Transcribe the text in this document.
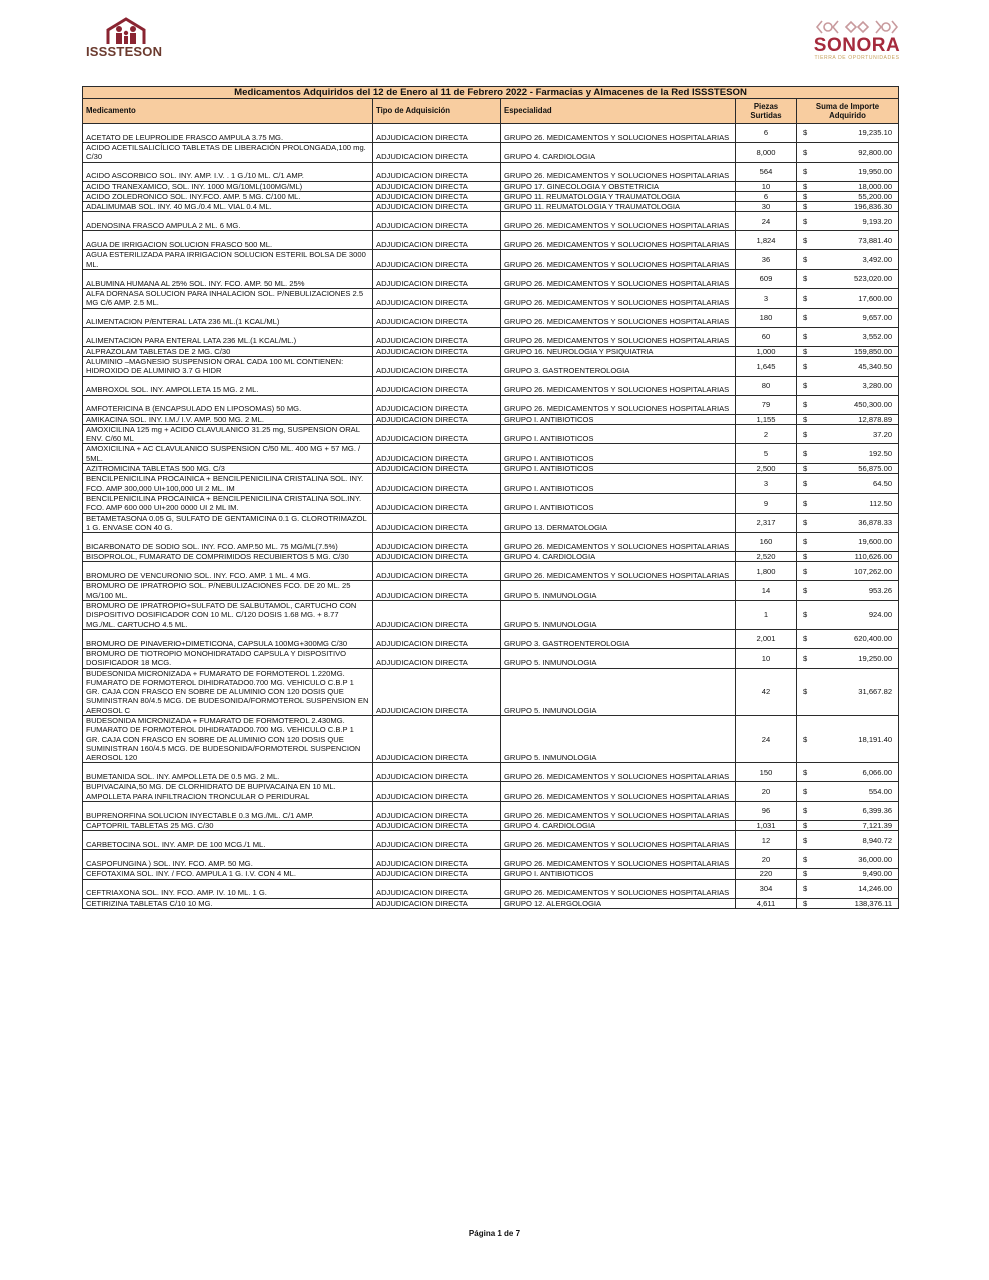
ISSSTESON	SONORA
TIERRA DE OPORTUNIDADES
Medicamentos Adquiridos del 12 de Enero al 11 de Febrero 2022 - Farmacias y Almacenes de la Red ISSSTESON				
Medicamento	Tipo de Adquisición	Especialidad	Piezas Surtidas	Suma de Importe Adquirido
ACETATO DE LEUPROLIDE FRASCO AMPULA 3.75 MG.	ADJUDICACION DIRECTA	GRUPO 26. MEDICAMENTOS Y SOLUCIONES HOSPITALARIAS	6	$ 19,235.10

ACIDO ACETILSALICÍLICO TABLETAS DE LIBERACIÓN PROLONGADA,100 mg. C/30	ADJUDICACION DIRECTA	GRUPO 4. CARDIOLOGIA	8,000	$ 92,800.00

ACIDO ASCORBICO SOL. INY. AMP. I.V. . 1 G./10 ML. C/1 AMP.	ADJUDICACION DIRECTA	GRUPO 26. MEDICAMENTOS Y SOLUCIONES HOSPITALARIAS	564	$ 19,950.00

ACIDO TRANEXAMICO, SOL. INY. 1000 MG/10ML(100MG/ML)	ADJUDICACION DIRECTA	GRUPO 17. GINECOLOGIA Y OBSTETRICIA	10	$ 18,000.00

ACIDO ZOLEDRONICO SOL. INY.FCO. AMP. 5 MG. C/100 ML.	ADJUDICACION DIRECTA	GRUPO 11. REUMATOLOGIA Y TRAUMATOLOGIA	6	$ 55,200.00

ADALIMUMAB SOL. INY. 40 MG./0.4 ML. VIAL 0.4 ML.	ADJUDICACION DIRECTA	GRUPO 11. REUMATOLOGIA Y TRAUMATOLOGIA	30	$ 196,836.30

ADENOSINA FRASCO AMPULA 2 ML. 6 MG.	ADJUDICACION DIRECTA	GRUPO 26. MEDICAMENTOS Y SOLUCIONES HOSPITALARIAS	24	$ 9,193.20

AGUA DE IRRIGACION SOLUCION FRASCO 500 ML.	ADJUDICACION DIRECTA	GRUPO 26. MEDICAMENTOS Y SOLUCIONES HOSPITALARIAS	1,824	$ 73,881.40

AGUA ESTERILIZADA PARA IRRIGACION SOLUCION ESTERIL BOLSA DE 3000 ML.	ADJUDICACION DIRECTA	GRUPO 26. MEDICAMENTOS Y SOLUCIONES HOSPITALARIAS	36	$ 3,492.00

ALBUMINA HUMANA AL 25% SOL. INY. FCO. AMP. 50 ML. 25%	ADJUDICACION DIRECTA	GRUPO 26. MEDICAMENTOS Y SOLUCIONES HOSPITALARIAS	609	$ 523,020.00

ALFA DORNASA SOLUCION PARA INHALACION SOL. P/NEBULIZACIONES 2.5 MG C/6 AMP. 2.5 ML.	ADJUDICACION DIRECTA	GRUPO 26. MEDICAMENTOS Y SOLUCIONES HOSPITALARIAS	3	$ 17,600.00

ALIMENTACION P/ENTERAL LATA 236 ML.(1 KCAL/ML)	ADJUDICACION DIRECTA	GRUPO 26. MEDICAMENTOS Y SOLUCIONES HOSPITALARIAS	180	$ 9,657.00

ALIMENTACION PARA ENTERAL LATA 236 ML.(1 KCAL/ML.)	ADJUDICACION DIRECTA	GRUPO 26. MEDICAMENTOS Y SOLUCIONES HOSPITALARIAS	60	$ 3,552.00

ALPRAZOLAM TABLETAS DE 2 MG. C/30	ADJUDICACION DIRECTA	GRUPO 16. NEUROLOGIA Y PSIQUIATRIA	1,000	$ 159,850.00

ALUMINIO –MAGNESIO SUSPENSION ORAL CADA 100 ML CONTIENEN: HIDROXIDO DE ALUMINIO 3.7 G HIDR	ADJUDICACION DIRECTA	GRUPO 3. GASTROENTEROLOGIA	1,645	$ 45,340.50

AMBROXOL SOL. INY. AMPOLLETA 15 MG. 2 ML.	ADJUDICACION DIRECTA	GRUPO 26. MEDICAMENTOS Y SOLUCIONES HOSPITALARIAS	80	$ 3,280.00

AMFOTERICINA B (ENCAPSULADO EN LIPOSOMAS) 50 MG.	ADJUDICACION DIRECTA	GRUPO 26. MEDICAMENTOS Y SOLUCIONES HOSPITALARIAS	79	$ 450,300.00

AMIKACINA SOL. INY. I.M./ I.V. AMP. 500 MG. 2 ML.	ADJUDICACION DIRECTA	GRUPO I. ANTIBIOTICOS	1,155	$ 12,878.89

AMOXICILINA 125 mg + ACIDO CLAVULANICO 31.25 mg, SUSPENSION ORAL ENV. C/60 ML	ADJUDICACION DIRECTA	GRUPO I. ANTIBIOTICOS	2	$ 37.20

AMOXICILINA + AC CLAVULANICO SUSPENSION C/50 ML. 400 MG + 57 MG. / 5ML.	ADJUDICACION DIRECTA	GRUPO I. ANTIBIOTICOS	5	$ 192.50

AZITROMICINA TABLETAS 500 MG. C/3	ADJUDICACION DIRECTA	GRUPO I. ANTIBIOTICOS	2,500	$ 56,875.00

BENCILPENICILINA PROCAINICA + BENCILPENICILINA CRISTALINA SOL. INY. FCO. AMP 300,000 UI+100,000 UI 2 ML. IM	ADJUDICACION DIRECTA	GRUPO I. ANTIBIOTICOS	3	$ 64.50

BENCILPENICILINA PROCAINICA + BENCILPENICILINA CRISTALINA SOL.INY. FCO. AMP 600 000 UI+200 0000 UI 2 ML IM.	ADJUDICACION DIRECTA	GRUPO I. ANTIBIOTICOS	9	$ 112.50

BETAMETASONA 0.05 G, SULFATO DE GENTAMICINA 0.1 G. CLOROTRIMAZOL 1 G. ENVASE CON 40 G.	ADJUDICACION DIRECTA	GRUPO 13. DERMATOLOGIA	2,317	$ 36,878.33

BICARBONATO DE SODIO SOL. INY. FCO. AMP.50 ML. 75 MG/ML(7.5%)	ADJUDICACION DIRECTA	GRUPO 26. MEDICAMENTOS Y SOLUCIONES HOSPITALARIAS	160	$ 19,600.00

BISOPROLOL, FUMARATO DE COMPRIMIDOS RECUBIERTOS 5 MG. C/30	ADJUDICACION DIRECTA	GRUPO 4. CARDIOLOGIA	2,520	$ 110,626.00

BROMURO DE VENCURONIO SOL. INY. FCO. AMP. 1 ML. 4 MG.	ADJUDICACION DIRECTA	GRUPO 26. MEDICAMENTOS Y SOLUCIONES HOSPITALARIAS	1,800	$ 107,262.00

BROMURO DE IPRATROPIO SOL. P/NEBULIZACIONES FCO. DE 20 ML. 25 MG/100 ML.	ADJUDICACION DIRECTA	GRUPO 5. INMUNOLOGIA	14	$ 953.26

BROMURO DE IPRATROPIO+SULFATO DE SALBUTAMOL, CARTUCHO CON DISPOSITIVO DOSIFICADOR CON 10 ML. C/120 DOSIS 1.68 MG. + 8.77 MG./ML. CARTUCHO 4.5 ML.	ADJUDICACION DIRECTA	GRUPO 5. INMUNOLOGIA	1	$ 924.00

BROMURO DE PINAVERIO+DIMETICONA, CAPSULA 100MG+300MG C/30	ADJUDICACION DIRECTA	GRUPO 3. GASTROENTEROLOGIA	2,001	$ 620,400.00

BROMURO DE TIOTROPIO MONOHIDRATADO CAPSULA Y DISPOSITIVO DOSIFICADOR 18 MCG.	ADJUDICACION DIRECTA	GRUPO 5. INMUNOLOGIA	10	$ 19,250.00

BUDESONIDA MICRONIZADA + FUMARATO DE FORMOTEROL 1.220MG. FUMARATO DE FORMOTEROL DIHIDRATADO0.700 MG. VEHICULO C.B.P 1 GR. CAJA CON FRASCO EN SOBRE DE ALUMINIO CON 120 DOSIS QUE SUMINISTRAN 80/4.5 MCG. DE BUDESONIDA/FORMOTEROL SUSPENSION EN AEROSOL C	ADJUDICACION DIRECTA	GRUPO 5. INMUNOLOGIA	42	$ 31,667.82

BUDESONIDA MICRONIZADA + FUMARATO DE FORMOTEROL 2.430MG. FUMARATO DE FORMOTEROL DIHIDRATADO0.700 MG. VEHICULO C.B.P 1 GR. CAJA CON FRASCO EN SOBRE DE ALUMINIO CON 120 DOSIS QUE SUMINISTRAN 160/4.5 MCG. DE BUDESONIDA/FORMOTEROL SUSPENCION AEROSOL 120	ADJUDICACION DIRECTA	GRUPO 5. INMUNOLOGIA	24	$ 18,191.40

BUMETANIDA SOL. INY. AMPOLLETA DE 0.5 MG. 2 ML.	ADJUDICACION DIRECTA	GRUPO 26. MEDICAMENTOS Y SOLUCIONES HOSPITALARIAS	150	$ 6,066.00

BUPIVACAINA,50 MG. DE CLORHIDRATO DE BUPIVACAINA EN 10 ML. AMPOLLETA PARA INFILTRACION TRONCULAR O PERIDURAL	ADJUDICACION DIRECTA	GRUPO 26. MEDICAMENTOS Y SOLUCIONES HOSPITALARIAS	20	$ 554.00

BUPRENORFINA SOLUCION INYECTABLE 0.3 MG./ML. C/1 AMP.	ADJUDICACION DIRECTA	GRUPO 26. MEDICAMENTOS Y SOLUCIONES HOSPITALARIAS	96	$ 6,399.36

CAPTOPRIL TABLETAS 25 MG. C/30	ADJUDICACION DIRECTA	GRUPO 4. CARDIOLOGIA	1,031	$ 7,121.39

CARBETOCINA SOL. INY. AMP. DE 100 MCG./1 ML.	ADJUDICACION DIRECTA	GRUPO 26. MEDICAMENTOS Y SOLUCIONES HOSPITALARIAS	12	$ 8,940.72

CASPOFUNGINA ) SOL. INY. FCO. AMP. 50 MG.	ADJUDICACION DIRECTA	GRUPO 26. MEDICAMENTOS Y SOLUCIONES HOSPITALARIAS	20	$ 36,000.00

CEFOTAXIMA SOL. INY. / FCO. AMPULA 1 G. I.V. CON 4 ML.	ADJUDICACION DIRECTA	GRUPO I. ANTIBIOTICOS	220	$ 9,490.00

CEFTRIAXONA SOL. INY. FCO. AMP. IV. 10 ML. 1 G.	ADJUDICACION DIRECTA	GRUPO 26. MEDICAMENTOS Y SOLUCIONES HOSPITALARIAS	304	$ 14,246.00

CETIRIZINA TABLETAS C/10 10 MG.	ADJUDICACION DIRECTA	GRUPO 12. ALERGOLOGIA	4,611	$ 138,376.11
Página 1 de 7
